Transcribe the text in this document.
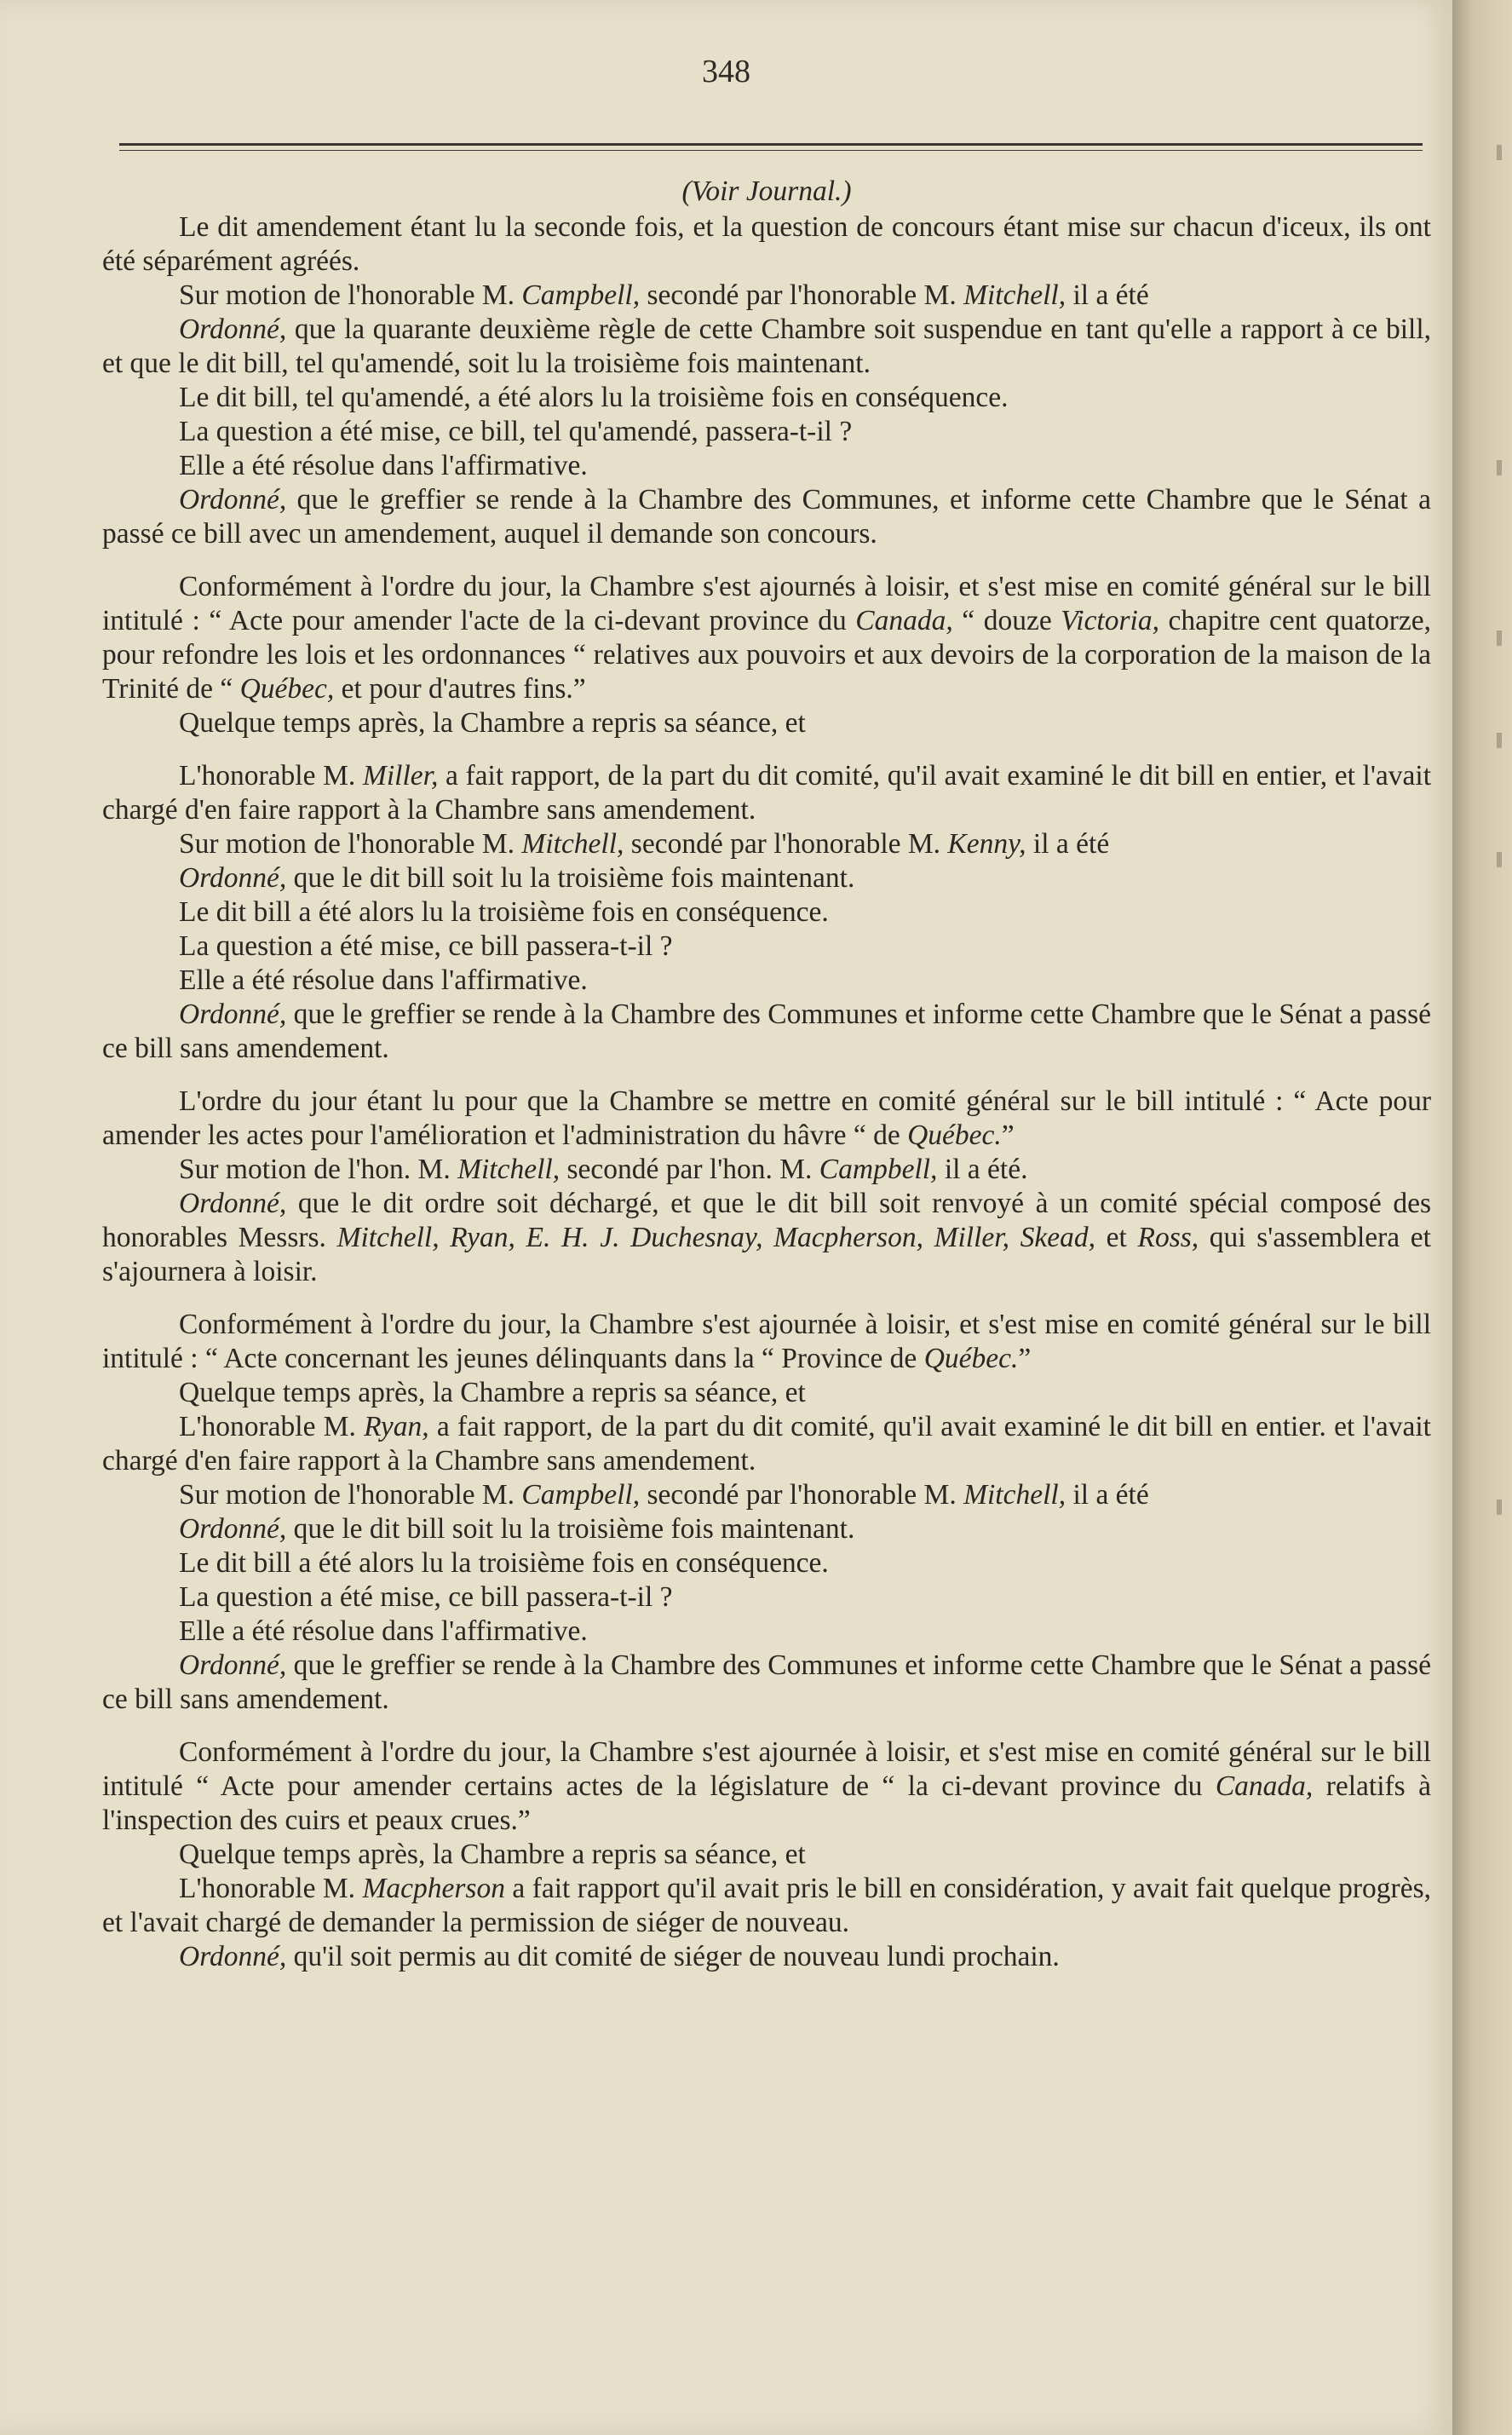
348
(Voir Journal.)

Le dit amendement étant lu la seconde fois, et la question de concours étant mise sur chacun d'iceux, ils ont été séparément agréés.

Sur motion de l'honorable M. Campbell, secondé par l'honorable M. Mitchell, il a été

Ordonné, que la quarante deuxième règle de cette Chambre soit suspendue en tant qu'elle a rapport à ce bill, et que le dit bill, tel qu'amendé, soit lu la troisième fois maintenant.

Le dit bill, tel qu'amendé, a été alors lu la troisième fois en conséquence.

La question a été mise, ce bill, tel qu'amendé, passera-t-il ?

Elle a été résolue dans l'affirmative.

Ordonné, que le greffier se rende à la Chambre des Communes, et informe cette Chambre que le Sénat a passé ce bill avec un amendement, auquel il demande son concours.

Conformément à l'ordre du jour, la Chambre s'est ajournés à loisir, et s'est mise en comité général sur le bill intitulé : “ Acte pour amender l'acte de la ci-devant province du Canada, “ douze Victoria, chapitre cent quatorze, pour refondre les lois et les ordonnances “ relatives aux pouvoirs et aux devoirs de la corporation de la maison de la Trinité de “ Québec, et pour d'autres fins.”

Quelque temps après, la Chambre a repris sa séance, et

L'honorable M. Miller, a fait rapport, de la part du dit comité, qu'il avait examiné le dit bill en entier, et l'avait chargé d'en faire rapport à la Chambre sans amendement.

Sur motion de l'honorable M. Mitchell, secondé par l'honorable M. Kenny, il a été

Ordonné, que le dit bill soit lu la troisième fois maintenant.

Le dit bill a été alors lu la troisième fois en conséquence.

La question a été mise, ce bill passera-t-il ?

Elle a été résolue dans l'affirmative.

Ordonné, que le greffier se rende à la Chambre des Communes et informe cette Chambre que le Sénat a passé ce bill sans amendement.

L'ordre du jour étant lu pour que la Chambre se mettre en comité général sur le bill intitulé : “ Acte pour amender les actes pour l'amélioration et l'administration du hâvre “ de Québec.”

Sur motion de l'hon. M. Mitchell, secondé par l'hon. M. Campbell, il a été.

Ordonné, que le dit ordre soit déchargé, et que le dit bill soit renvoyé à un comité spécial composé des honorables Messrs. Mitchell, Ryan, E. H. J. Duchesnay, Macpherson, Miller, Skead, et Ross, qui s'assemblera et s'ajournera à loisir.

Conformément à l'ordre du jour, la Chambre s'est ajournée à loisir, et s'est mise en comité général sur le bill intitulé : “ Acte concernant les jeunes délinquants dans la “ Province de Québec.”

Quelque temps après, la Chambre a repris sa séance, et

L'honorable M. Ryan, a fait rapport, de la part du dit comité, qu'il avait examiné le dit bill en entier. et l'avait chargé d'en faire rapport à la Chambre sans amendement.

Sur motion de l'honorable M. Campbell, secondé par l'honorable M. Mitchell, il a été

Ordonné, que le dit bill soit lu la troisième fois maintenant.

Le dit bill a été alors lu la troisième fois en conséquence.

La question a été mise, ce bill passera-t-il ?

Elle a été résolue dans l'affirmative.

Ordonné, que le greffier se rende à la Chambre des Communes et informe cette Chambre que le Sénat a passé ce bill sans amendement.

Conformément à l'ordre du jour, la Chambre s'est ajournée à loisir, et s'est mise en comité général sur le bill intitulé “ Acte pour amender certains actes de la législature de “ la ci-devant province du Canada, relatifs à l'inspection des cuirs et peaux crues.”

Quelque temps après, la Chambre a repris sa séance, et

L'honorable M. Macpherson a fait rapport qu'il avait pris le bill en considération, y avait fait quelque progrès, et l'avait chargé de demander la permission de siéger de nouveau.

Ordonné, qu'il soit permis au dit comité de siéger de nouveau lundi prochain.
